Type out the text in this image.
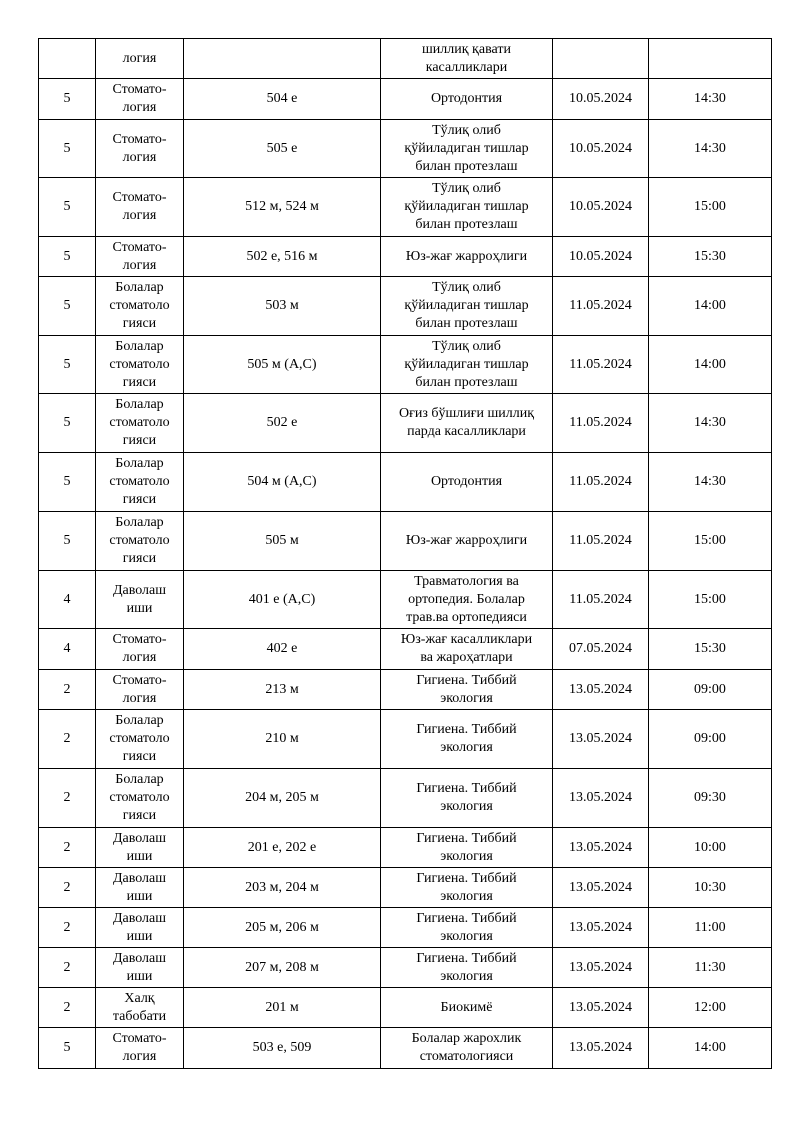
	логия		шиллиқ қавати
касалликлари		
5	Стомато-
логия	504 е	Ортодонтия	10.05.2024	14:30
5	Стомато-
логия	505 е	Тўлиқ олиб
қўйиладиган тишлар
билан протезлаш	10.05.2024	14:30
5	Стомато-
логия	512 м, 524 м	Тўлиқ олиб
қўйиладиган тишлар
билан протезлаш	10.05.2024	15:00
5	Стомато-
логия	502 е, 516 м	Юз-жағ жарроҳлиги	10.05.2024	15:30
5	Болалар
стоматоло
гияси	503 м	Тўлиқ олиб
қўйиладиган тишлар
билан протезлаш	11.05.2024	14:00
5	Болалар
стоматоло
гияси	505 м (А,С)	Тўлиқ олиб
қўйиладиган тишлар
билан протезлаш	11.05.2024	14:00
5	Болалар
стоматоло
гияси	502 е	Оғиз бўшлиғи шиллиқ
парда касалликлари	11.05.2024	14:30
5	Болалар
стоматоло
гияси	504 м (А,С)	Ортодонтия	11.05.2024	14:30
5	Болалар
стоматоло
гияси	505 м	Юз-жағ жарроҳлиги	11.05.2024	15:00
4	Даволаш
иши	401 е (А,С)	Травматология ва
ортопедия. Болалар
трав.ва ортопедияси	11.05.2024	15:00
4	Стомато-
логия	402 е	Юз-жағ касалликлари
ва жароҳатлари	07.05.2024	15:30
2	Стомато-
логия	213 м	Гигиена. Тиббий
экология	13.05.2024	09:00
2	Болалар
стоматоло
гияси	210 м	Гигиена. Тиббий
экология	13.05.2024	09:00
2	Болалар
стоматоло
гияси	204 м, 205 м	Гигиена. Тиббий
экология	13.05.2024	09:30
2	Даволаш
иши	201 е, 202 е	Гигиена. Тиббий
экология	13.05.2024	10:00
2	Даволаш
иши	203 м, 204 м	Гигиена. Тиббий
экология	13.05.2024	10:30
2	Даволаш
иши	205 м, 206 м	Гигиена. Тиббий
экология	13.05.2024	11:00
2	Даволаш
иши	207 м, 208 м	Гигиена. Тиббий
экология	13.05.2024	11:30
2	Халқ
табобати	201 м	Биокимё	13.05.2024	12:00
5	Стомато-
логия	503 е, 509	Болалар жарохлик
стоматологияси	13.05.2024	14:00
